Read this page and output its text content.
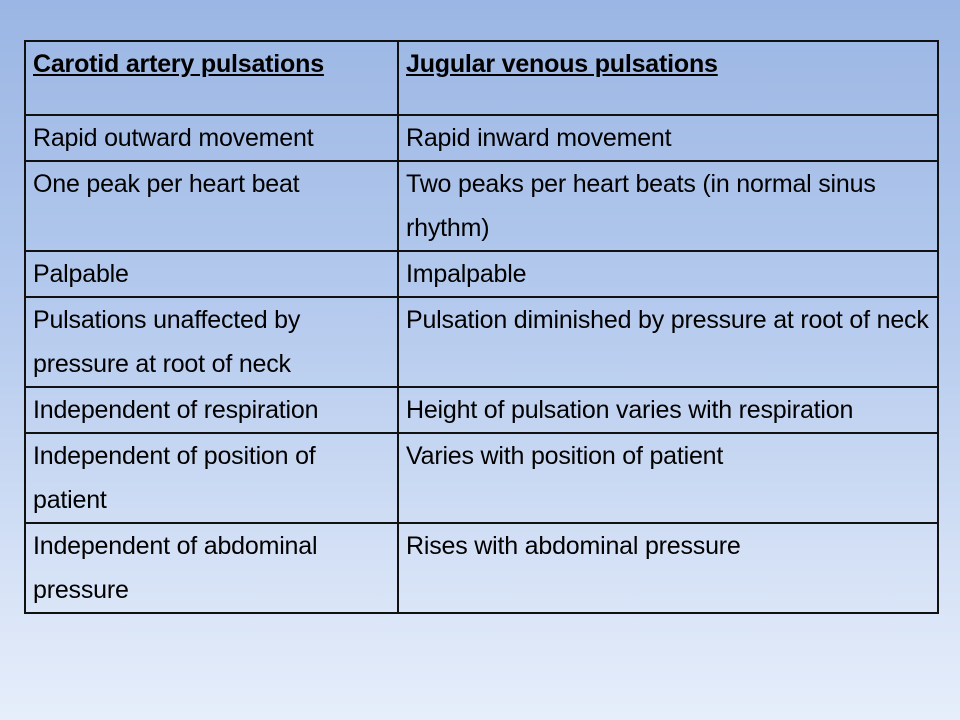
Carotid artery pulsations	Jugular venous pulsations

Rapid outward movement	Rapid inward movement
One peak per heart beat	Two peaks per heart beats (in normal sinus rhythm)
Palpable	Impalpable
Pulsations unaffected by pressure at root of neck	Pulsation diminished by pressure at root of neck
Independent of respiration	Height of pulsation varies with respiration
Independent of position of patient	Varies with position of patient
Independent of abdominal pressure	Rises with abdominal pressure
